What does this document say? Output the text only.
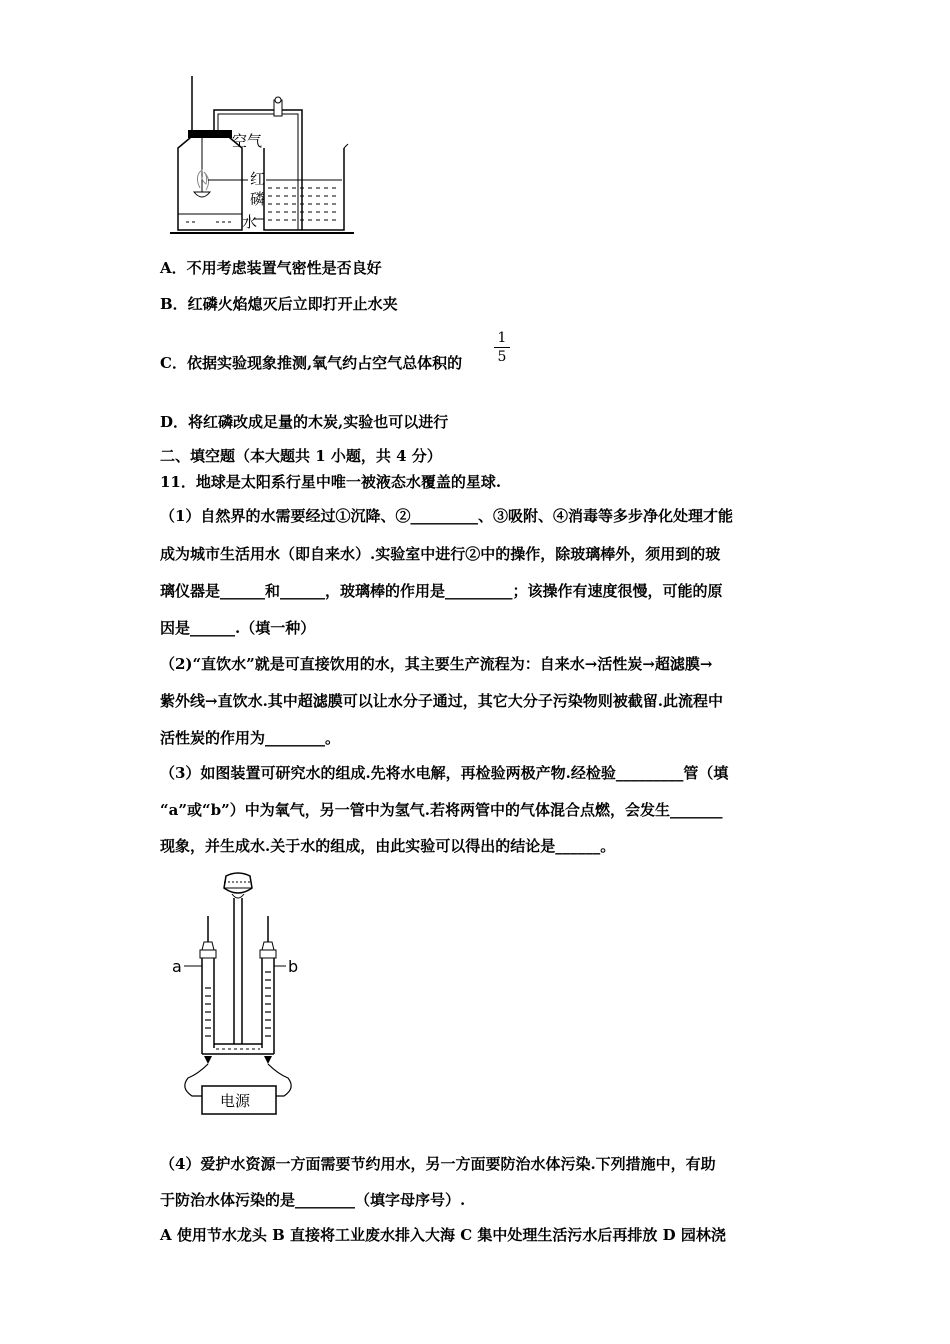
空气
红
磷
水
A．不用考虑装置气密性是否良好
B．红磷火焰熄灭后立即打开止水夹
C．依据实验现象推测,氧气约占空气总体积的
1
5
D．将红磷改成足量的木炭,实验也可以进行
二、填空题（本大题共 1 小题，共 4 分）
11．地球是太阳系行星中唯一被液态水覆盖的星球.
（1）自然界的水需要经过①沉降、②_________、③吸附、④消毒等多步净化处理才能
成为城市生活用水（即自来水）.实验室中进行②中的操作，除玻璃棒外，须用到的玻
璃仪器是______和______，玻璃棒的作用是_________；该操作有速度很慢，可能的原
因是______.（填一种）
（2)“直饮水”就是可直接饮用的水，其主要生产流程为：自来水→活性炭→超滤膜→
紫外线→直饮水.其中超滤膜可以让水分子通过，其它大分子污染物则被截留.此流程中
活性炭的作用为________。
（3）如图装置可研究水的组成.先将水电解，再检验两极产物.经检验_________管（填
“a”或“b”）中为氧气，另一管中为氢气.若将两管中的气体混合点燃，会发生_______
现象，并生成水.关于水的组成，由此实验可以得出的结论是______。
电源
a	b
（4）爱护水资源一方面需要节约用水，另一方面要防治水体污染.下列措施中，有助
于防治水体污染的是________（填字母序号）.
A 使用节水龙头 B 直接将工业废水排入大海 C 集中处理生活污水后再排放 D 园林浇
